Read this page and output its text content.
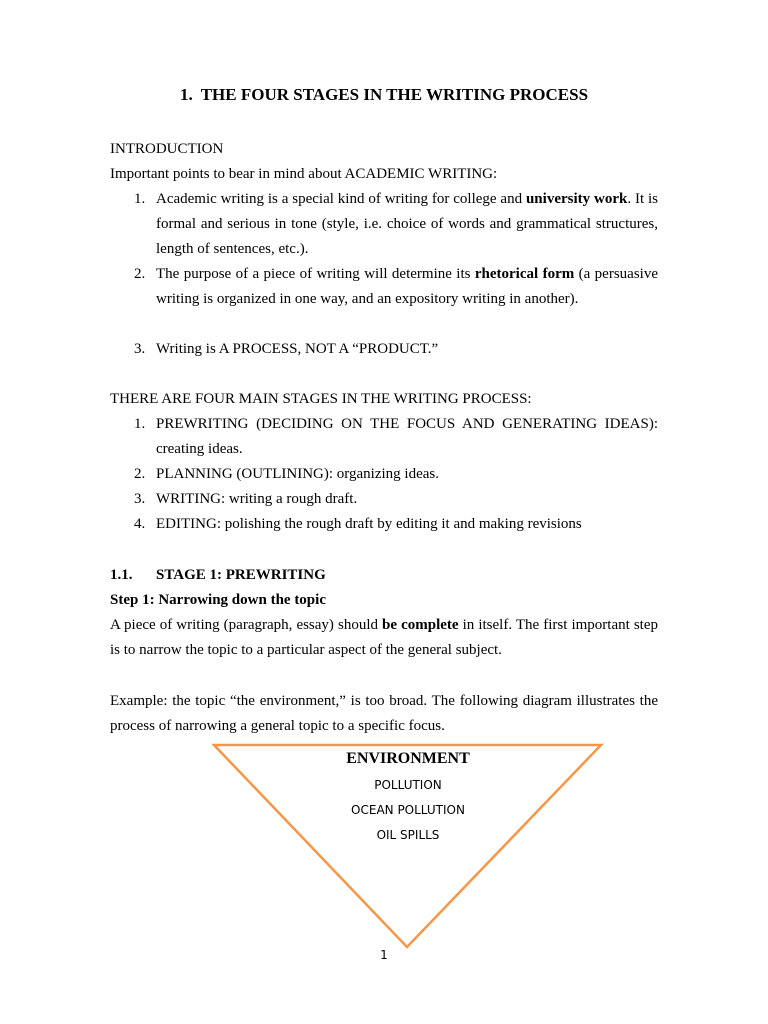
1. THE FOUR STAGES IN THE WRITING PROCESS
INTRODUCTION
Important points to bear in mind about ACADEMIC WRITING:
1. Academic writing is a special kind of writing for college and university work. It is formal and serious in tone (style, i.e. choice of words and grammatical structures, length of sentences, etc.).
2. The purpose of a piece of writing will determine its rhetorical form (a persuasive writing is organized in one way, and an expository writing in another).
3. Writing is A PROCESS, NOT A “PRODUCT.”
THERE ARE FOUR MAIN STAGES IN THE WRITING PROCESS:
1. PREWRITING (DECIDING ON THE FOCUS AND GENERATING IDEAS): creating ideas.
2. PLANNING (OUTLINING): organizing ideas.
3. WRITING: writing a rough draft.
4. EDITING: polishing the rough draft by editing it and making revisions
1.1. STAGE 1: PREWRITING
Step 1: Narrowing down the topic
A piece of writing (paragraph, essay) should be complete in itself. The first important step is to narrow the topic to a particular aspect of the general subject.
Example: the topic “the environment,” is too broad. The following diagram illustrates the process of narrowing a general topic to a specific focus.
ENVIRONMENT
POLLUTION
OCEAN POLLUTION
OIL SPILLS
1
